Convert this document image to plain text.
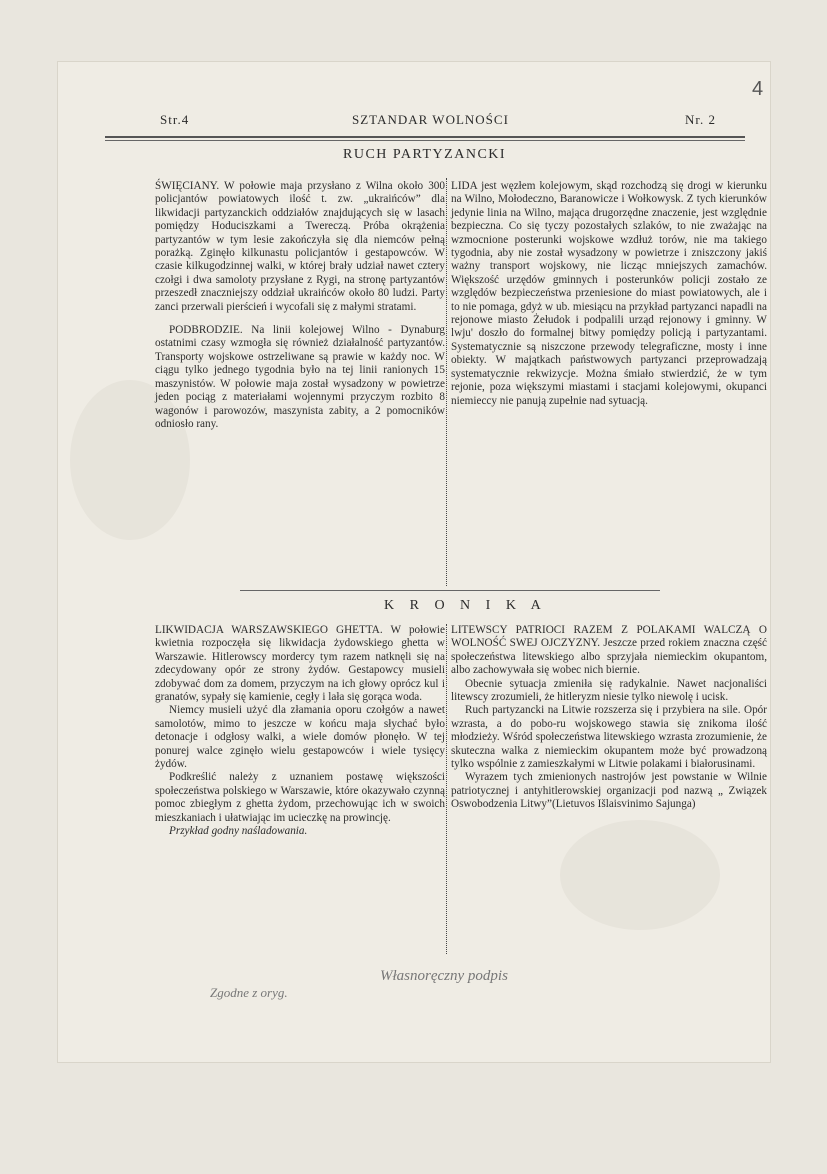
4
Str.4	SZTANDAR WOLNOŚCI	Nr. 2
RUCH PARTYZANCKI

ŚWIĘCIANY. W połowie maja przysłano z Wilna około 300 policjantów powiatowych ilość t. zw. „ukraińców” dla likwidacji partyzanckich oddziałów znajdujących się w lasach pomiędzy Hoduciszkami a Twereczą. Próba okrążenia partyzantów w tym lesie zakończyła się dla niemców pełną porażką. Zginęło kilkunastu policjantów i gestapowców. W czasie kilkugodzinnej walki, w której brały udział nawet cztery czołgi i dwa samoloty przysłane z Rygi, na stronę partyzantów przeszedł znaczniejszy oddział ukraińców około 80 ludzi. Party zanci przerwali pierścień i wycofali się z małymi stratami.

PODBRODZIE. Na linii kolejowej Wilno - Dynaburg ostatnimi czasy wzmogła się również działalność partyzantów. Transporty wojskowe ostrzeliwane są prawie w każdy noc. W ciągu tylko jednego tygodnia było na tej linii ranionych 15 maszynistów. W połowie maja został wysadzony w powietrze jeden pociąg z materiałami wojennymi przyczym rozbito 8 wagonów i parowozów, maszynista zabity, a 2 pomocników odniosło rany.

LIDA jest węzłem kolejowym, skąd rozchodzą się drogi w kierunku na Wilno, Mołodeczno, Baranowicze i Wołkowysk. Z tych kierunków jedynie linia na Wilno, mająca drugorzędne znaczenie, jest względnie bezpieczna. Co się tyczy pozostałych szlaków, to nie zważając na wzmocnione posterunki wojskowe wzdłuż torów, nie ma takiego tygodnia, aby nie został wysadzony w powietrze i zniszczony jakiś ważny transport wojskowy, nie licząc mniejszych zamachów. Większość urzędów gminnych i posterunków policji zostało ze względów bezpieczeństwa przeniesione do miast powiatowych, ale i to nie pomaga, gdyż w ub. miesiącu na przykład partyzanci napadli na rejonowe miasto Żełudok i podpalili urząd rejonowy i gminny. W lwju' doszło do formalnej bitwy pomiędzy policją i partyzantami. Systematycznie są niszczone przewody telegraficzne, mosty i inne obiekty. W majątkach państwowych partyzanci przeprowadzają systematycznie rekwizycje. Można śmiało stwierdzić, że w tym rejonie, poza większymi miastami i stacjami kolejowymi, okupanci niemieccy nie panują zupełnie nad sytuacją.

K R O N I K A

LIKWIDACJA WARSZAWSKIEGO GHETTA. W połowie kwietnia rozpoczęła się likwidacja żydowskiego ghetta w Warszawie. Hitlerowscy mordercy tym razem natknęli się na zdecydowany opór ze strony żydów. Gestapowcy musieli zdobywać dom za domem, przyczym na ich głowy oprócz kul i granatów, sypały się kamienie, cegły i lała się gorąca woda.

Niemcy musieli użyć dla złamania oporu czołgów a nawet samolotów, mimo to jeszcze w końcu maja słychać było detonacje i odgłosy walki, a wiele domów płonęło. W tej ponurej walce zginęło wielu gestapowców i wiele tysięcy żydów.

Podkreślić należy z uznaniem postawę większości społeczeństwa polskiego w Warszawie, które okazywało czynną pomoc zbiegłym z ghetta żydom, przechowując ich w swoich mieszkaniach i ułatwiając im ucieczkę na prowincję.

Przykład godny naśladowania.

LITEWSCY PATRIOCI RAZEM Z POLAKAMI WALCZĄ O WOLNOŚĆ SWEJ OJCZYZNY. Jeszcze przed rokiem znaczna część społeczeństwa litewskiego albo sprzyjała niemieckim okupantom, albo zachowywała się wobec nich biernie.

Obecnie sytuacja zmieniła się radykalnie. Nawet nacjonaliści litewscy zrozumieli, że hitleryzm niesie tylko niewolę i ucisk.

Ruch partyzancki na Litwie rozszerza się i przybiera na sile. Opór wzrasta, a do pobo-ru wojskowego stawia się znikoma ilość młodzieży. Wśród społeczeństwa litewskiego wzrasta zrozumienie, że skuteczna walka z niemieckim okupantem może być prowadzoną tylko wspólnie z zamieszkałymi w Litwie polakami i białorusinami.

Wyrazem tych zmienionych nastrojów jest powstanie w Wilnie patriotycznej i antyhitlerowskiej organizacji pod nazwą „ Związek Oswobodzenia Litwy”(Lietuvos Išlaisvinimo Sajunga)

Zgodne z oryg.
Własnoręczny podpis
